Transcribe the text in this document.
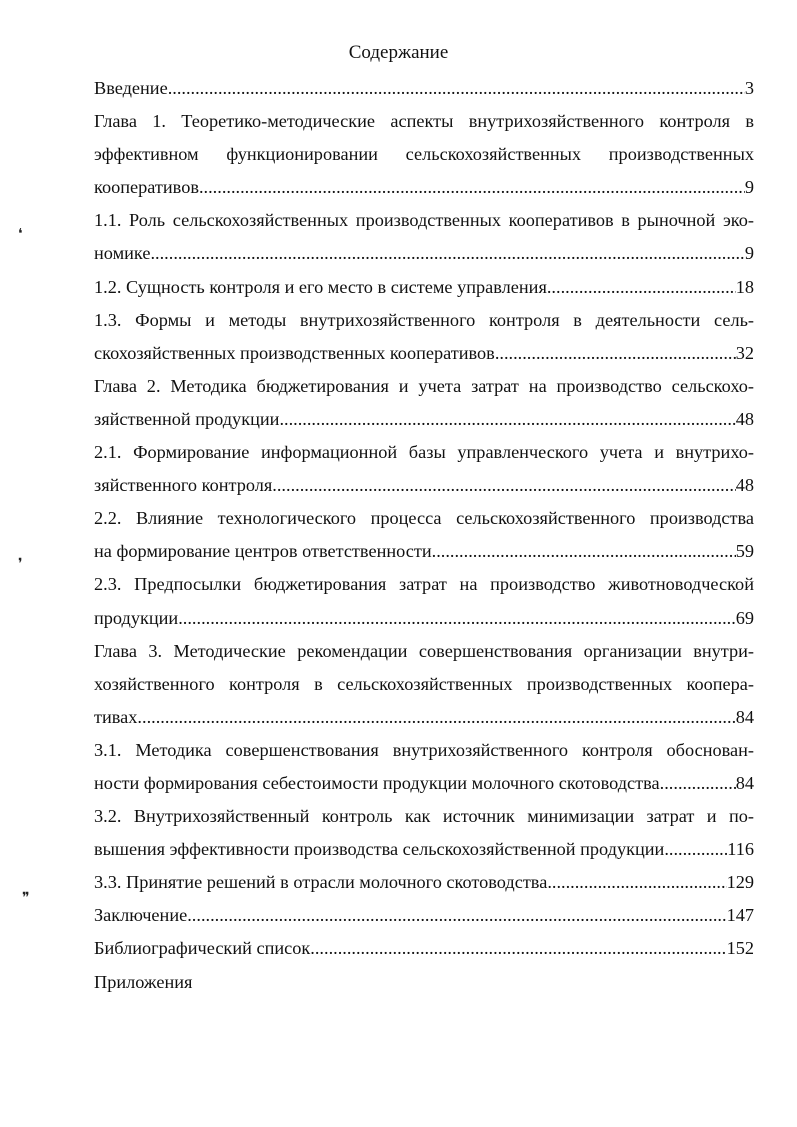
Содержание
Введение .....	3
Глава 1. Теоретико-методические аспекты внутрихозяйственного контроля в
эффективном функционировании сельскохозяйственных производственных
кооперативов .....	9
1.1. Роль сельскохозяйственных производственных кооперативов в рыночной эко-
номике .....	9
1.2. Сущность контроля и его место в системе управления .....	18
1.3. Формы и методы внутрихозяйственного контроля в деятельности сель-
скохозяйственных производственных кооперативов .....	32
Глава 2. Методика бюджетирования и учета затрат на производство сельскохо-
зяйственной продукции .....	48
2.1. Формирование информационной базы управленческого учета и внутрихо-
зяйственного контроля .....	48
2.2. Влияние технологического процесса сельскохозяйственного производства
на формирование центров ответственности .....	59
2.3. Предпосылки бюджетирования затрат на производство животноводческой
продукции .....	69
Глава 3. Методические рекомендации совершенствования организации внутри-
хозяйственного контроля в сельскохозяйственных производственных коопера-
тивах .....	84
3.1. Методика совершенствования внутрихозяйственного контроля обоснован-
ности формирования себестоимости продукции молочного скотоводства .....	84
3.2. Внутрихозяйственный контроль как источник минимизации затрат и по-
вышения эффективности производства сельскохозяйственной продукции .....	116
3.3. Принятие решений в отрасли молочного скотоводства .....	129
Заключение .....	147
Библиографический список .....	152
Приложения
❛
❜
❞
